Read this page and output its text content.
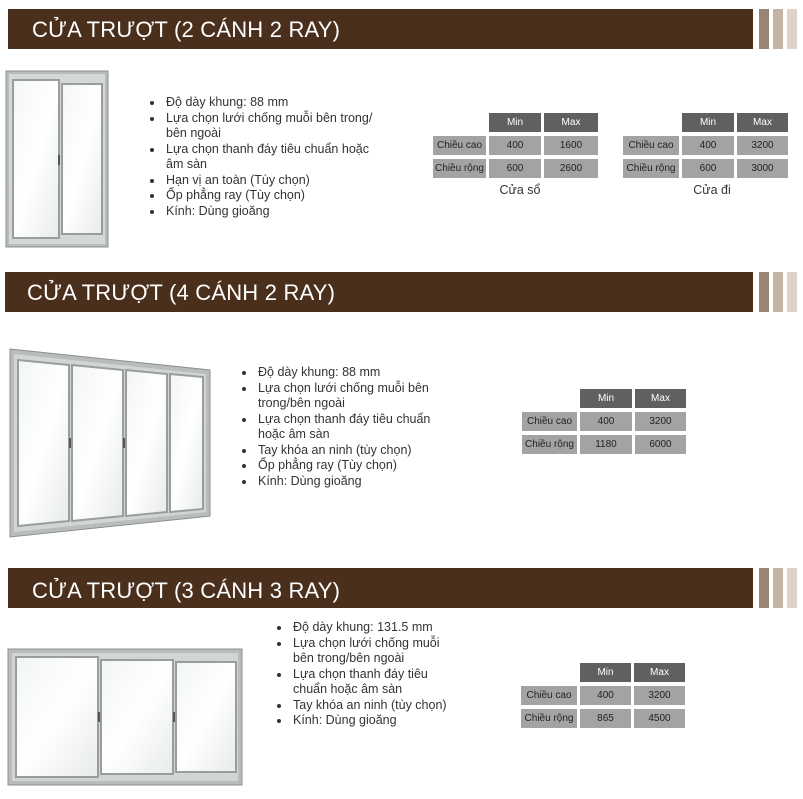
CỬA TRƯỢT (2 CÁNH 2 RAY)
Độ dày khung: 88 mm
Lựa chọn lưới chống muỗi bên trong/
bên ngoài
Lựa chọn thanh đáy tiêu chuẩn hoặc
âm sàn
Hạn vị an toàn (Tùy chọn)
Ốp phẳng ray (Tùy chọn)
Kính: Dùng gioăng
Min	Max
Chiều cao	400	1600
Chiều rộng	600	2600
Cửa sổ
Min	Max
Chiều cao	400	3200
Chiều rộng	600	3000
Cửa đi
CỬA TRƯỢT (4 CÁNH 2 RAY)
Độ dày khung: 88 mm
Lựa chọn lưới chống muỗi bên
trong/bên ngoài
Lựa chọn thanh đáy tiêu chuẩn
hoặc âm sàn
Tay khóa an ninh (tùy chọn)
Ốp phẳng ray (Tùy chọn)
Kính: Dùng gioăng
Min	Max
Chiều cao	400	3200
Chiều rộng	1180	6000
CỬA TRƯỢT (3 CÁNH 3 RAY)
Độ dày khung: 131.5 mm
Lựa chọn lưới chống muỗi
bên trong/bên ngoài
Lựa chọn thanh đáy tiêu
chuẩn hoặc âm sàn
Tay khóa an ninh (tùy chọn)
Kính: Dùng gioăng
Min	Max
Chiều cao	400	3200
Chiều rộng	865	4500
